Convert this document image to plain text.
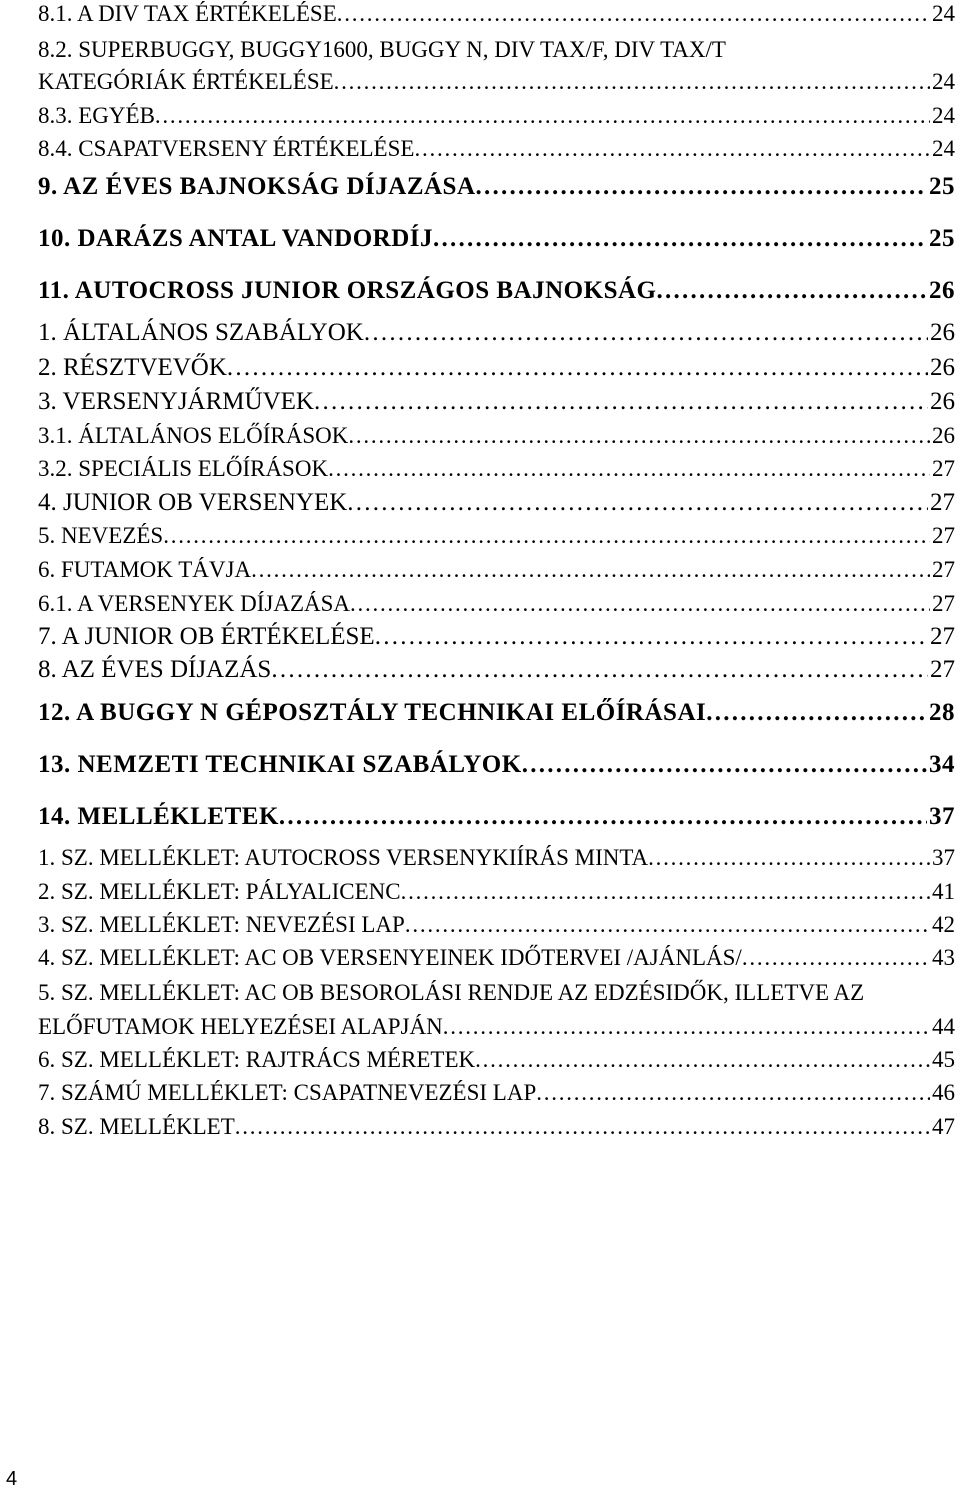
8.1. A DIV TAX ÉRTÉKELÉSE . . .	24
8.2. SUPERBUGGY, BUGGY1600, BUGGY N, DIV TAX/F, DIV TAX/T
KATEGÓRIÁK ÉRTÉKELÉSE . . .	24
8.3. EGYÉB . . .	24
8.4. CSAPATVERSENY ÉRTÉKELÉSE . . .	24
9. AZ ÉVES BAJNOKSÁG DÍJAZÁSA . . .	25
10. DARÁZS ANTAL VANDORDÍJ . . .	25
11. AUTOCROSS JUNIOR ORSZÁGOS BAJNOKSÁG . . .	26
1. ÁLTALÁNOS SZABÁLYOK . . .	26
2. RÉSZTVEVŐK . . .	26
3. VERSENYJÁRMŰVEK . . .	26
3.1. ÁLTALÁNOS ELŐÍRÁSOK . . .	26
3.2. SPECIÁLIS ELŐÍRÁSOK . . .	27
4. JUNIOR OB VERSENYEK . . .	27
5. NEVEZÉS . . .	27
6. FUTAMOK TÁVJA . . .	27
6.1. A VERSENYEK DÍJAZÁSA . . .	27
7. A JUNIOR OB ÉRTÉKELÉSE . . .	27
8. AZ ÉVES DÍJAZÁS . . .	27
12. A BUGGY N GÉPOSZTÁLY TECHNIKAI ELŐÍRÁSAI . . .	28
13. NEMZETI TECHNIKAI SZABÁLYOK . . .	34
14. MELLÉKLETEK . . .	37
1. SZ. MELLÉKLET: AUTOCROSS VERSENYKIÍRÁS MINTA . . .	37
2. SZ. MELLÉKLET: PÁLYALICENC . . .	41
3. SZ. MELLÉKLET: NEVEZÉSI LAP . . .	42
4. SZ. MELLÉKLET: AC OB VERSENYEINEK IDŐTERVEI /AJÁNLÁS/ . . .	43
5. SZ. MELLÉKLET: AC OB BESOROLÁSI RENDJE AZ EDZÉSIDŐK, ILLETVE AZ
ELŐFUTAMOK HELYEZÉSEI ALAPJÁN . . .	44
6. SZ. MELLÉKLET: RAJTRÁCS MÉRETEK . . .	45
7. SZÁMÚ MELLÉKLET: CSAPATNEVEZÉSI LAP . . .	46
8. SZ. MELLÉKLET . . .	47
4
